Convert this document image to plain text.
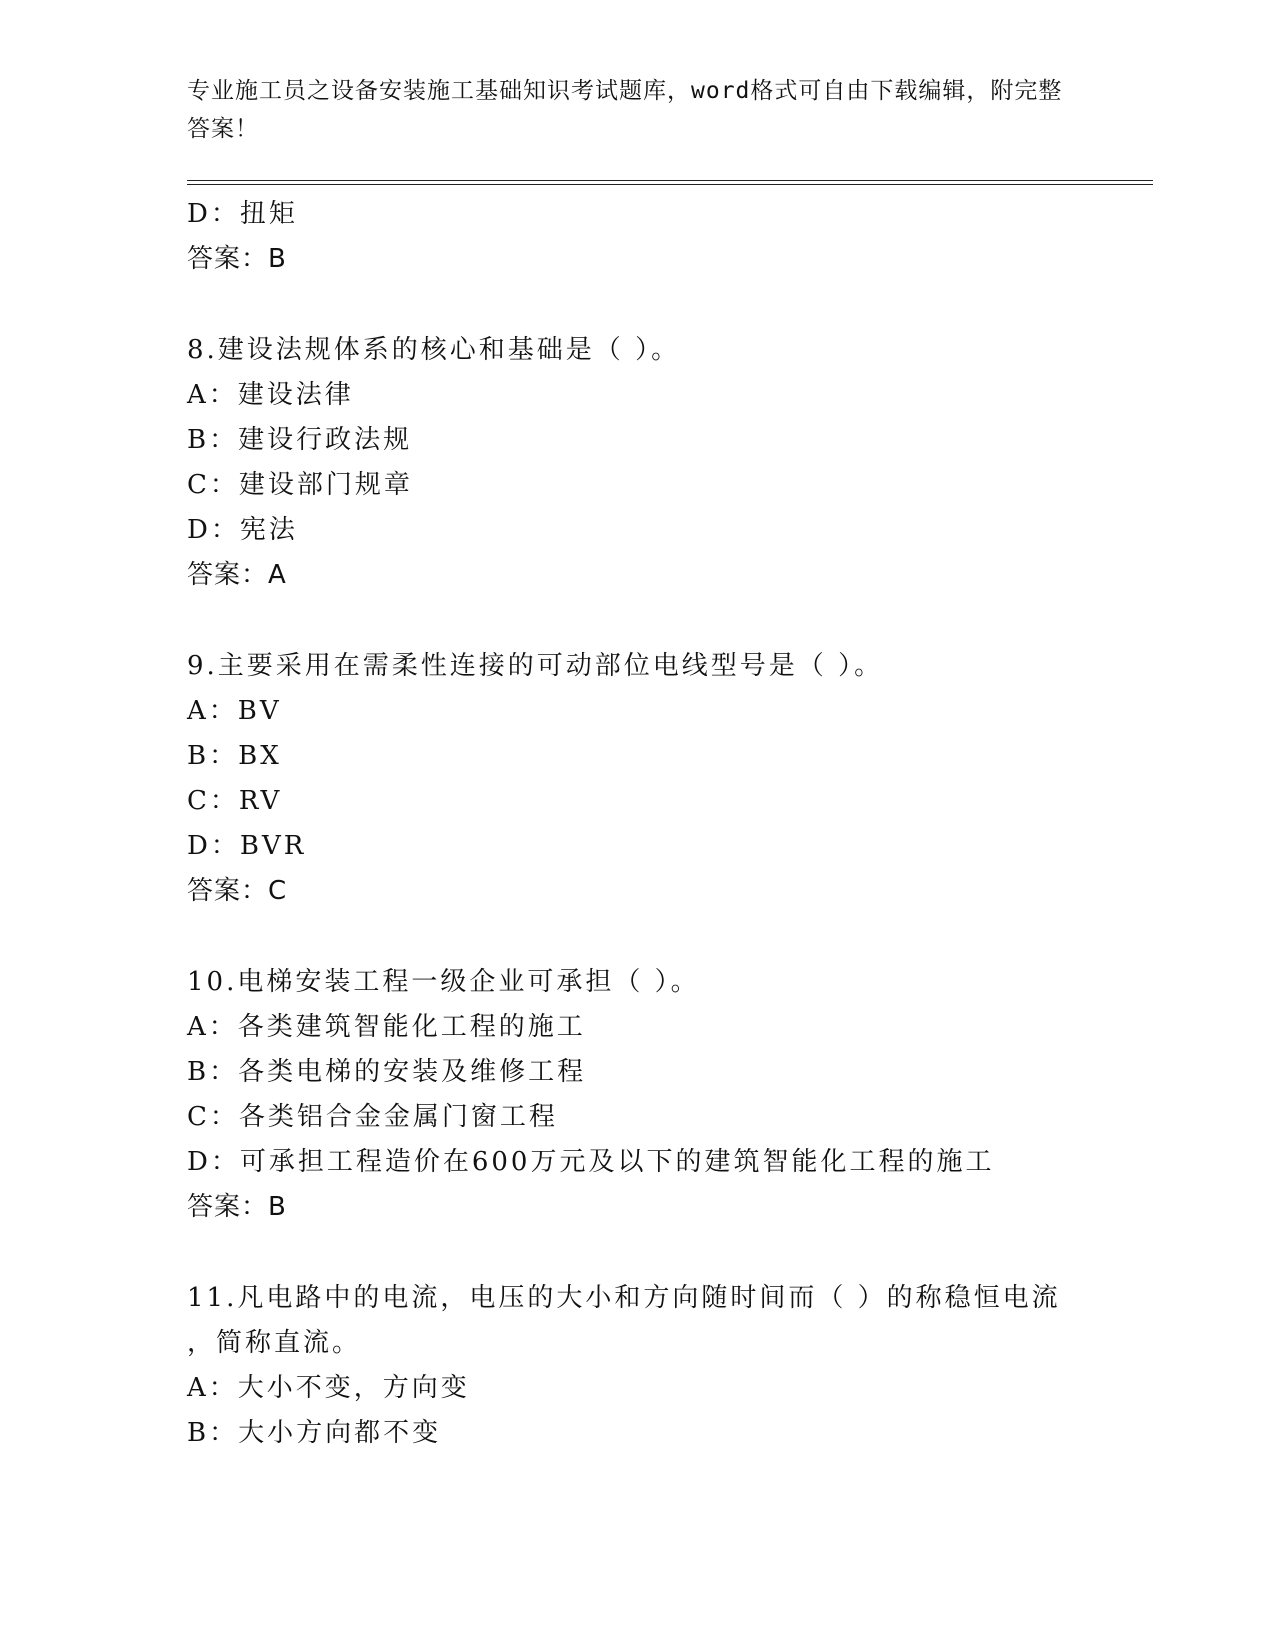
专业施工员之设备安装施工基础知识考试题库，word格式可自由下载编辑，附完整答案！
D：扭矩
答案：B
8.建设法规体系的核心和基础是（ ）。
A：建设法律
B：建设行政法规
C：建设部门规章
D：宪法
答案：A
9.主要采用在需柔性连接的可动部位电线型号是（ ）。
A：BV
B：BX
C：RV
D：BVR
答案：C
10.电梯安装工程一级企业可承担（ ）。
A：各类建筑智能化工程的施工
B：各类电梯的安装及维修工程
C：各类铝合金金属门窗工程
D：可承担工程造价在600万元及以下的建筑智能化工程的施工
答案：B
11.凡电路中的电流，电压的大小和方向随时间而（ ）的称稳恒电流
，简称直流。
A：大小不变，方向变
B：大小方向都不变
